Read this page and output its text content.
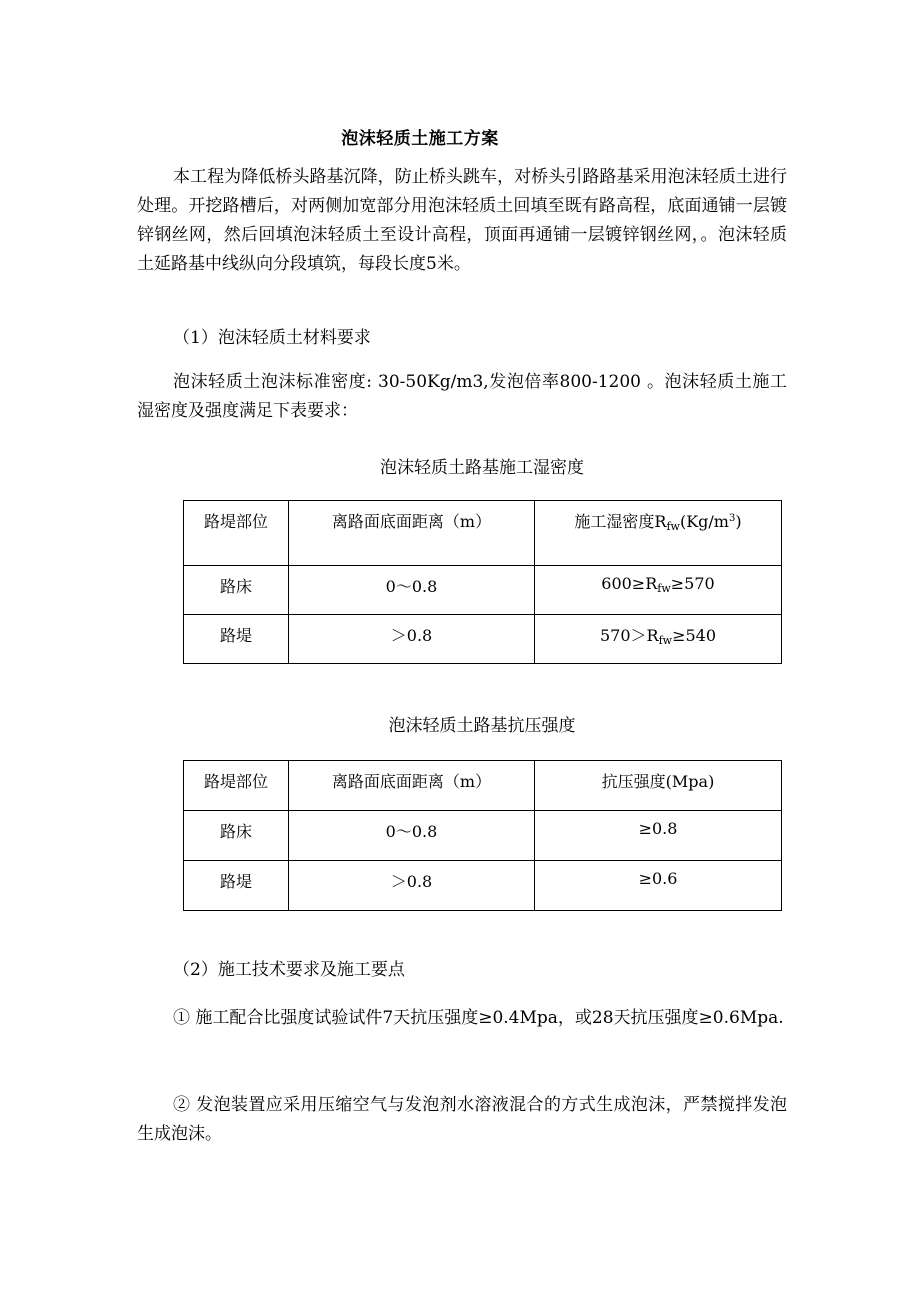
泡沫轻质土施工方案

本工程为降低桥头路基沉降，防止桥头跳车，对桥头引路路基采用泡沫轻质土进行处理。开挖路槽后，对两侧加宽部分用泡沫轻质土回填至既有路高程，底面通铺一层镀锌钢丝网，然后回填泡沫轻质土至设计高程，顶面再通铺一层镀锌钢丝网，。泡沫轻质土延路基中线纵向分段填筑，每段长度5米。

（1）泡沫轻质土材料要求

泡沫轻质土泡沫标准密度: 30-50Kg/m3,发泡倍率800-1200 。泡沫轻质土施工湿密度及强度满足下表要求：

泡沫轻质土路基施工湿密度
路堤部位	离路面底面距离（m）	施工湿密度$R_{fw}(Kg/m^3)$
路床	0～0.8	$600\ge R_{fw}\ge 570$
路堤	＞0.8	$570>R_{fw}\ge 540$
泡沫轻质土路基抗压强度
路堤部位	离路面底面距离（m）	抗压强度(Mpa)
路床	0～0.8	≥0.8
路堤	＞0.8	≥0.6

（2）施工技术要求及施工要点

① 施工配合比强度试验试件7天抗压强度≥0.4Mpa，或28天抗压强度≥0.6Mpa.

② 发泡装置应采用压缩空气与发泡剂水溶液混合的方式生成泡沫，严禁搅拌发泡生成泡沫。
